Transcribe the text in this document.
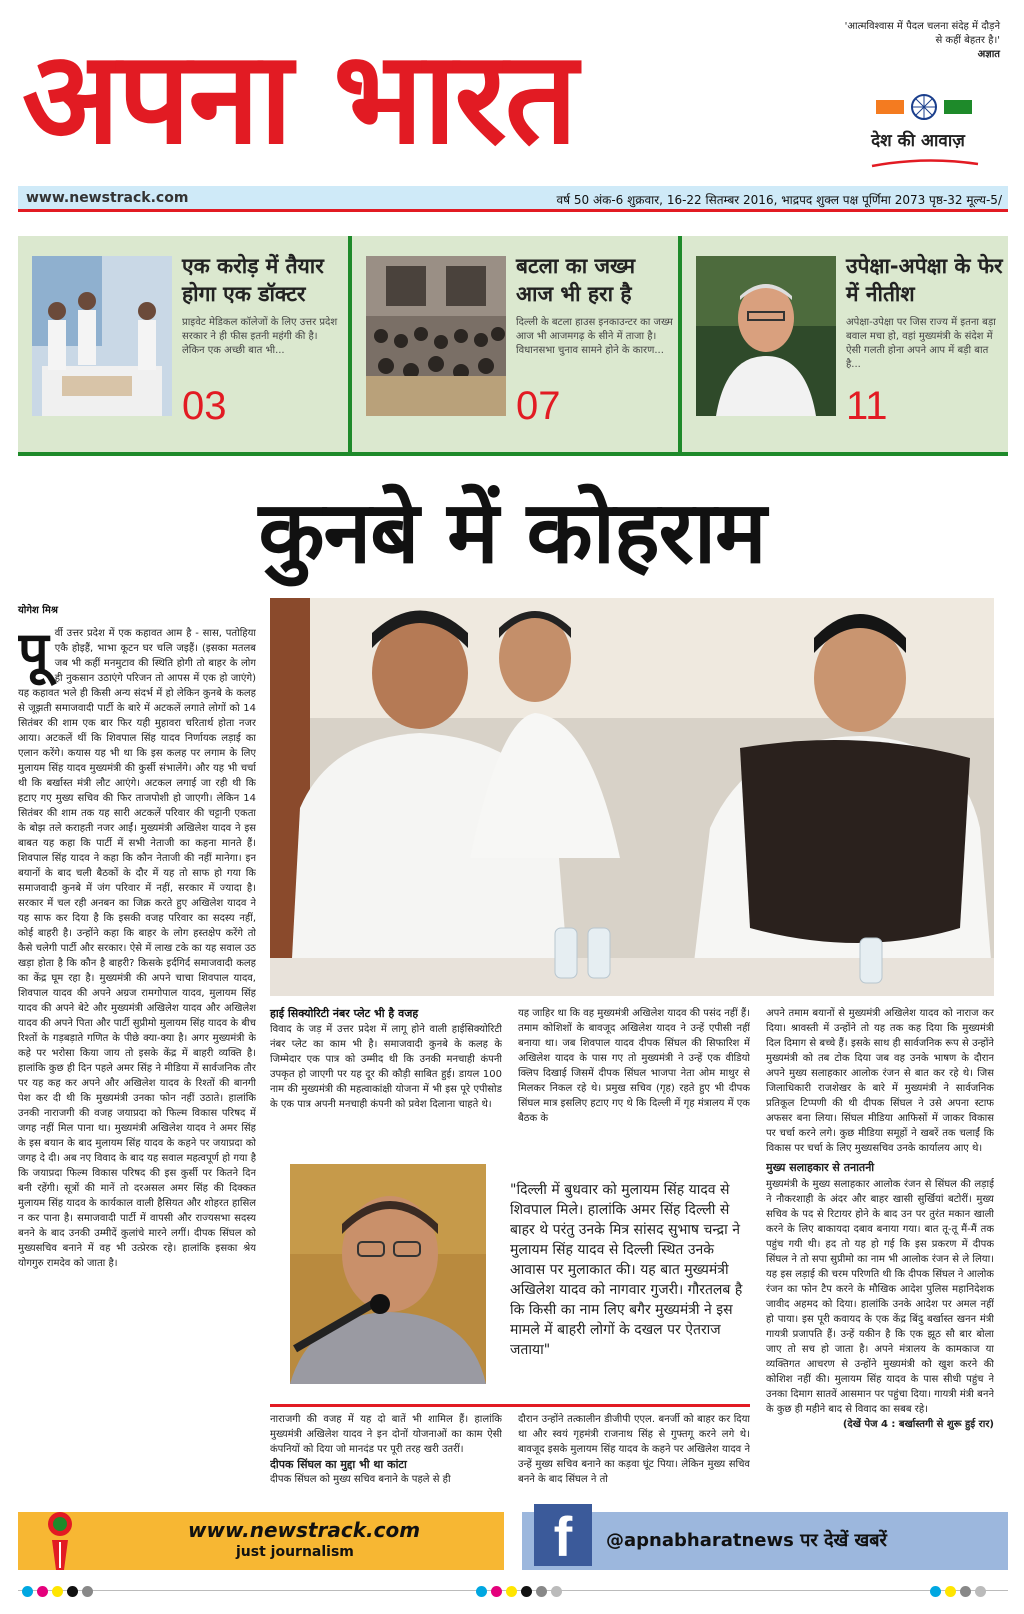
अपना भारत	'आत्मविश्वास में पैदल चलना संदेह में दौड़ने से कहीं बेहतर है।'
अज्ञात
देश की आवाज़
www.newstrack.com	वर्ष 50 अंक-6 शुक्रवार, 16-22 सितम्बर 2016, भाद्रपद शुक्ल पक्ष पूर्णिमा 2073 पृष्ठ-32 मूल्य-5/
एक करोड़ में तैयार होगा एक डॉक्टर

प्राइवेट मेडिकल कॉलेजों के लिए उत्तर प्रदेश सरकार ने ही फीस इतनी महंगी की है। लेकिन एक अच्छी बात भी...

03
बटला का जख्म आज भी हरा है

दिल्ली के बटला हाउस इनकाउन्टर का जख्म आज भी आजमगढ़ के सीने में ताजा है। विधानसभा चुनाव सामने होने के कारण...

07
उपेक्षा-अपेक्षा के फेर में नीतीश

अपेक्षा-उपेक्षा पर जिस राज्य में इतना बड़ा बवाल मचा हो, वहां मुख्यमंत्री के संदेश में ऐसी गलती होना अपने आप में बड़ी बात है...

11
कुनबे में कोहराम
योगेश मिश्र
पू र्वी उत्तर प्रदेश में एक कहावत आम है - सास, पतोहिया एकै होइहैं, भाभा कूटन घर चलि जइहैं। (इसका मतलब जब भी कहीं मनमुटाव की स्थिति होगी तो बाहर के लोग ही नुकसान उठाएंगे परिजन तो आपस में एक हो जाएंगे) यह कहावत भले ही किसी अन्य संदर्भ में हो लेकिन कुनबे के कलह से जूझती समाजवादी पार्टी के बारे में अटकलें लगाते लोगों को 14 सितंबर की शाम एक बार फिर यही मुहावरा चरितार्थ होता नजर आया। अटकलें थीं कि शिवपाल सिंह यादव निर्णायक लड़ाई का एलान करेंगे। कयास यह भी था कि इस कलह पर लगाम के लिए मुलायम सिंह यादव मुख्यमंत्री की कुर्सी संभालेंगे। और यह भी चर्चा थी कि बर्खास्त मंत्री लौट आएंगे। अटकल लगाई जा रही थी कि हटाए गए मुख्य सचिव की फिर ताजपोशी हो जाएगी। लेकिन 14 सितंबर की शाम तक यह सारी अटकलें परिवार की चट्टानी एकता के बोझ तले कराहती नजर आईं। मुख्यमंत्री अखिलेश यादव ने इस बाबत यह कहा कि पार्टी में सभी नेताजी का कहना मानते हैं। शिवपाल सिंह यादव ने कहा कि कौन नेताजी की नहीं मानेगा। इन बयानों के बाद चली बैठकों के दौर में यह तो साफ हो गया कि समाजवादी कुनबे में जंग परिवार में नहीं, सरकार में ज्यादा है। सरकार में चल रही अनबन का जिक्र करते हुए अखिलेश यादव ने यह साफ कर दिया है कि इसकी वजह परिवार का सदस्य नहीं, कोई बाहरी है। उन्होंने कहा कि बाहर के लोग हस्तक्षेप करेंगे तो कैसे चलेगी पार्टी और सरकार। ऐसे में लाख टके का यह सवाल उठ खड़ा होता है कि कौन है बाहरी? किसके इर्दगिर्द समाजवादी कलह का केंद्र घूम रहा है। मुख्यमंत्री की अपने चाचा शिवपाल यादव, शिवपाल यादव की अपने अग्रज रामगोपाल यादव, मुलायम सिंह यादव की अपने बेटे और मुख्यमंत्री अखिलेश यादव और अखिलेश यादव की अपने पिता और पार्टी सुप्रीमो मुलायम सिंह यादव के बीच रिश्तों के गड़बड़ाते गणित के पीछे क्या-क्या है। अगर मुख्यमंत्री के कहे पर भरोसा किया जाय तो इसके केंद्र में बाहरी व्यक्ति है। हालांकि कुछ ही दिन पहले अमर सिंह ने मीडिया में सार्वजनिक तौर पर यह कह कर अपने और अखिलेश यादव के रिश्तों की बानगी पेश कर दी थी कि मुख्यमंत्री उनका फोन नहीं उठाते। हालांकि उनकी नाराजगी की वजह जयाप्रदा को फिल्म विकास परिषद में जगह नहीं मिल पाना था। मुख्यमंत्री अखिलेश यादव ने अमर सिंह के इस बयान के बाद मुलायम सिंह यादव के कहने पर जयाप्रदा को जगह दे दी। अब नए विवाद के बाद यह सवाल महत्वपूर्ण हो गया है कि जयाप्रदा फिल्म विकास परिषद की इस कुर्सी पर कितने दिन बनी रहेंगी। सूत्रों की मानें तो दरअसल अमर सिंह की दिक्कत मुलायम सिंह यादव के कार्यकाल वाली हैसियत और शोहरत हासिल न कर पाना है। समाजवादी पार्टी में वापसी और राज्यसभा सदस्य बनने के बाद उनकी उम्मीदें कुलांचे मारने लगीं। दीपक सिंघल को मुख्यसचिव बनाने में वह भी उत्प्रेरक रहे। हालांकि इसका श्रेय योगगुरु रामदेव को जाता है।
हाई सिक्योरिटी नंबर प्लेट भी है वजह
विवाद के जड़ में उत्तर प्रदेश में लागू होने वाली हाईसिक्योरिटी नंबर प्लेट का काम भी है। समाजवादी कुनबे के कलह के जिम्मेदार एक पात्र को उम्मीद थी कि उनकी मनचाही कंपनी उपकृत हो जाएगी पर यह दूर की कौड़ी साबित हुई। डायल 100 नाम की मुख्यमंत्री की महत्वाकांक्षी योजना में भी इस पूरे एपीसोड के एक पात्र अपनी मनचाही कंपनी को प्रवेश दिलाना चाहते थे।
यह जाहिर था कि वह मुख्यमंत्री अखिलेश यादव की पसंद नहीं हैं। तमाम कोशिशों के बावजूद अखिलेश यादव ने उन्हें एपीसी नहीं बनाया था। जब शिवपाल यादव दीपक सिंघल की सिफारिश में अखिलेश यादव के पास गए तो मुख्यमंत्री ने उन्हें एक वीडियो क्लिप दिखाई जिसमें दीपक सिंघल भाजपा नेता ओम माथुर से मिलकर निकल रहे थे। प्रमुख सचिव (गृह) रहते हुए भी दीपक सिंघल मात्र इसलिए हटाए गए थे कि दिल्ली में गृह मंत्रालय में एक बैठक के
अपने तमाम बयानों से मुख्यमंत्री अखिलेश यादव को नाराज कर दिया। श्रावस्ती में उन्होंने तो यह तक कह दिया कि मुख्यमंत्री दिल दिमाग से बच्चे हैं। इसके साथ ही सार्वजनिक रूप से उन्होंने मुख्यमंत्री को तब टोक दिया जब वह उनके भाषण के दौरान अपने मुख्य सलाहकार आलोक रंजन से बात कर रहे थे। जिस जिलाधिकारी राजशेखर के बारे में मुख्यमंत्री ने सार्वजनिक प्रतिकूल टिप्पणी की थी दीपक सिंघल ने उसे अपना स्टाफ अफसर बना लिया। सिंघल मीडिया आफिसों में जाकर विकास पर चर्चा करने लगे। कुछ मीडिया समूहों ने खबरें तक चलाईं कि विकास पर चर्चा के लिए मुख्यसचिव उनके कार्यालय आए थे।
मुख्य सलाहकार से तनातनी
मुख्यमंत्री के मुख्य सलाहकार आलोक रंजन से सिंघल की लड़ाई ने नौकरशाही के अंदर और बाहर खासी सुर्खियां बटोरीं। मुख्य सचिव के पद से रिटायर होने के बाद उन पर तुरंत मकान खाली करने के लिए बाकायदा दबाव बनाया गया। बात तू-तू मैं-मैं तक पहुंच गयी थी। हद तो यह हो गई कि इस प्रकरण में दीपक सिंघल ने तो सपा सुप्रीमो का नाम भी आलोक रंजन से ले लिया। यह इस लड़ाई की चरम परिणति थी कि दीपक सिंघल ने आलोक रंजन का फोन टैप करने के मौखिक आदेश पुलिस महानिदेशक जावीद अहमद को दिया। हालांकि उनके आदेश पर अमल नहीं हो पाया। इस पूरी कवायद के एक केंद्र बिंदु बर्खास्त खनन मंत्री गायत्री प्रजापति हैं। उन्हें यकीन है कि एक झूठ सौ बार बोला जाए तो सच हो जाता है। अपने मंत्रालय के कामकाज या व्यक्तिगत आचरण से उन्होंने मुख्यमंत्री को खुश करने की कोशिश नहीं की। मुलायम सिंह यादव के पास सीधी पहुंच ने उनका दिमाग सातवें आसमान पर पहुंचा दिया। गायत्री मंत्री बनने के कुछ ही महीने बाद से विवाद का सबब रहे।
(देखें पेज 4 : बर्खास्तगी से शुरू हुई रार)
"दिल्ली में बुधवार को मुलायम सिंह यादव से शिवपाल मिले। हालांकि अमर सिंह दिल्ली से बाहर थे परंतु उनके मित्र सांसद सुभाष चन्द्रा ने मुलायम सिंह यादव से दिल्ली स्थित उनके आवास पर मुलाकात की। यह बात मुख्यमंत्री अखिलेश यादव को नागवार गुजरी। गौरतलब है कि किसी का नाम लिए बगैर मुख्यमंत्री ने इस मामले में बाहरी लोगों के दखल पर ऐतराज जताया"
नाराजगी की वजह में यह दो बातें भी शामिल हैं। हालांकि मुख्यमंत्री अखिलेश यादव ने इन दोनों योजनाओं का काम ऐसी कंपनियों को दिया जो मानदंड पर पूरी तरह खरी उतरीं।
दीपक सिंघल का मुद्दा भी था कांटा
दीपक सिंघल को मुख्य सचिव बनाने के पहले से ही
दौरान उन्होंने तत्कालीन डीजीपी एएल. बनर्जी को बाहर कर दिया था और स्वयं गृहमंत्री राजनाथ सिंह से गुफ्तगू करने लगे थे। बावजूद इसके मुलायम सिंह यादव के कहने पर अखिलेश यादव ने उन्हें मुख्य सचिव बनाने का कड़वा घूंट पिया। लेकिन मुख्य सचिव बनने के बाद सिंघल ने तो
www.newstrack.com
just journalism	f	@apnabharatnews पर देखें खबरें
